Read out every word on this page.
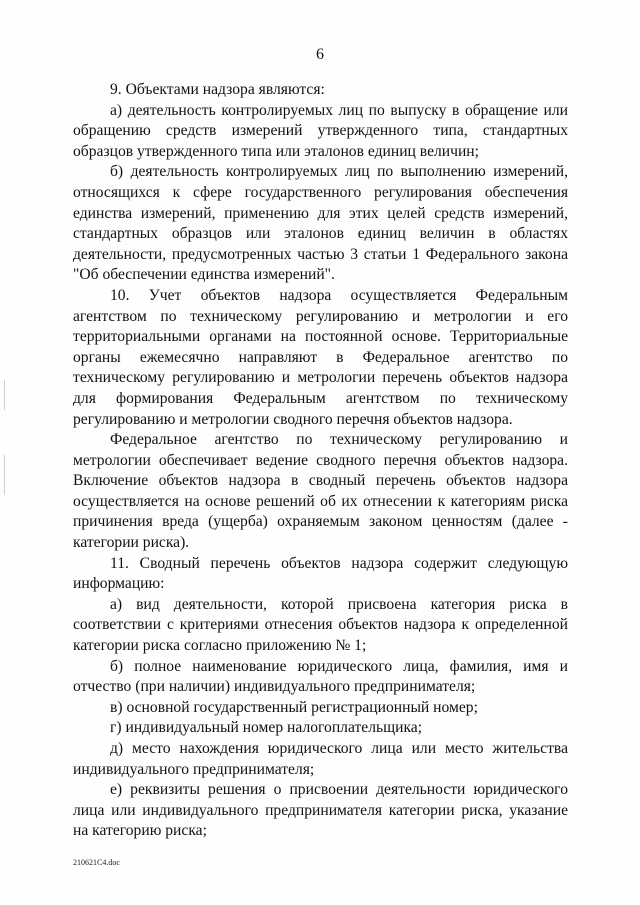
6

9. Объектами надзора являются:

а) деятельность контролируемых лиц по выпуску в обращение или обращению средств измерений утвержденного типа, стандартных образцов утвержденного типа или эталонов единиц величин;

б) деятельность контролируемых лиц по выполнению измерений, относящихся к сфере государственного регулирования обеспечения единства измерений, применению для этих целей средств измерений, стандартных образцов или эталонов единиц величин в областях деятельности, предусмотренных частью 3 статьи 1 Федерального закона "Об обеспечении единства измерений".

10. Учет объектов надзора осуществляется Федеральным агентством по техническому регулированию и метрологии и его территориальными органами на постоянной основе. Территориальные органы ежемесячно направляют в Федеральное агентство по техническому регулированию и метрологии перечень объектов надзора для формирования Федеральным агентством по техническому регулированию и метрологии сводного перечня объектов надзора.

Федеральное агентство по техническому регулированию и метрологии обеспечивает ведение сводного перечня объектов надзора. Включение объектов надзора в сводный перечень объектов надзора осуществляется на основе решений об их отнесении к категориям риска причинения вреда (ущерба) охраняемым законом ценностям (далее - категории риска).

11. Сводный перечень объектов надзора содержит следующую информацию:

а) вид деятельности, которой присвоена категория риска в соответствии с критериями отнесения объектов надзора к определенной категории риска согласно приложению № 1;

б) полное наименование юридического лица, фамилия, имя и отчество (при наличии) индивидуального предпринимателя;

в) основной государственный регистрационный номер;

г) индивидуальный номер налогоплательщика;

д) место нахождения юридического лица или место жительства индивидуального предпринимателя;

е) реквизиты решения о присвоении деятельности юридического лица или индивидуального предпринимателя категории риска, указание на категорию риска;

210621C4.doc
